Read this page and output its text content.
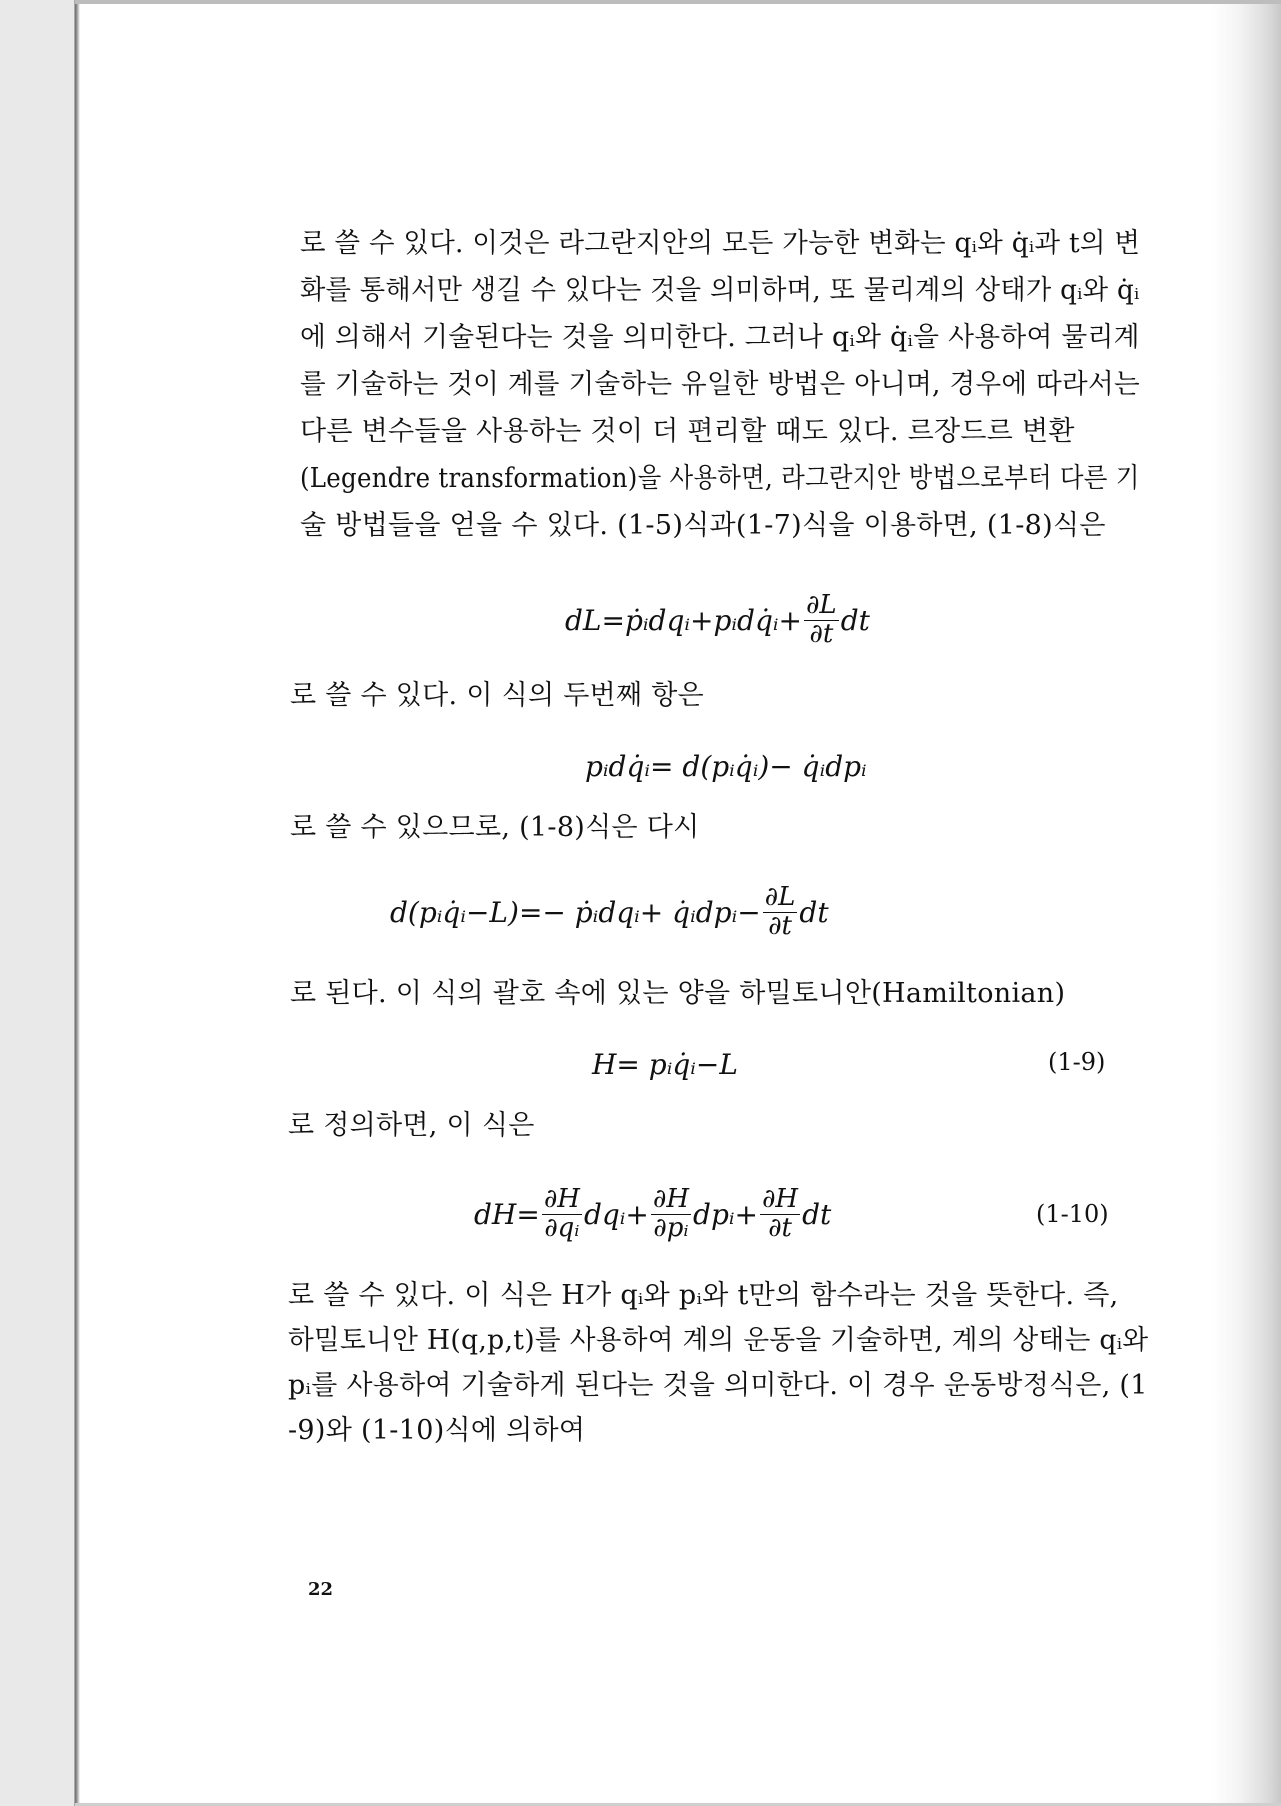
로 쓸 수 있다. 이것은 라그란지안의 모든 가능한 변화는 qᵢ와 q̇ᵢ과 t의 변
화를 통해서만 생길 수 있다는 것을 의미하며, 또 물리계의 상태가 qᵢ와 q̇ᵢ
에 의해서 기술된다는 것을 의미한다. 그러나 qᵢ와 q̇ᵢ을 사용하여 물리계
를 기술하는 것이 계를 기술하는 유일한 방법은 아니며, 경우에 따라서는
다른 변수들을 사용하는 것이 더 편리할 때도 있다. 르장드르 변환
(Legendre transformation)을 사용하면, 라그란지안 방법으로부터 다른 기
술 방법들을 얻을 수 있다. (1-5)식과(1-7)식을 이용하면, (1-8)식은
dL= ṗᵢdqᵢ+pᵢdq̇ᵢ+ $\frac{\partial L}{\partial t}$ dt
로 쓸 수 있다. 이 식의 두번째 항은
pᵢdq̇ᵢ= d(pᵢq̇ᵢ)− q̇ᵢdpᵢ
로 쓸 수 있으므로, (1-8)식은 다시
d(pᵢq̇ᵢ−L)=− ṗᵢdqᵢ+ q̇ᵢdpᵢ− $\frac{\partial L}{\partial t}$ dt
로 된다. 이 식의 괄호 속에 있는 양을 하밀토니안(Hamiltonian)
H= pᵢq̇ᵢ−L	(1-9)
로 정의하면, 이 식은
$dH= \frac{\partial H}{\text{∂qᵢ}}$ dqᵢ+ $\frac{\partial H}{\text{∂pᵢ}}$ dpᵢ+ $\frac{\partial H}{\partial t}$ dt	(1-10)
로 쓸 수 있다. 이 식은 H가 qᵢ와 pᵢ와 t만의 함수라는 것을 뜻한다. 즉,
하밀토니안 H(q,p,t)를 사용하여 계의 운동을 기술하면, 계의 상태는 qᵢ와
pᵢ를 사용하여 기술하게 된다는 것을 의미한다. 이 경우 운동방정식은, (1
-9)와 (1-10)식에 의하여
22
